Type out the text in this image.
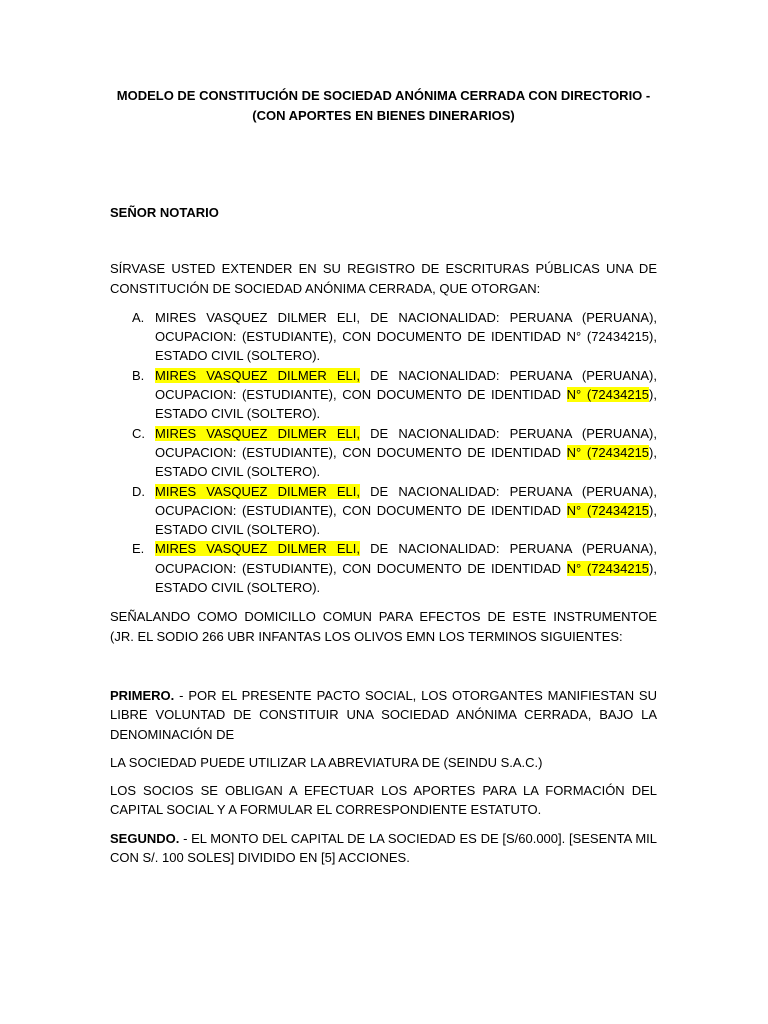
MODELO DE CONSTITUCIÓN DE SOCIEDAD ANÓNIMA CERRADA CON DIRECTORIO -
(CON APORTES EN BIENES DINERARIOS)

SEÑOR NOTARIO

SÍRVASE USTED EXTENDER EN SU REGISTRO DE ESCRITURAS PÚBLICAS UNA DE CONSTITUCIÓN DE SOCIEDAD ANÓNIMA CERRADA, QUE OTORGAN:

A. MIRES VASQUEZ DILMER ELI, DE NACIONALIDAD: PERUANA (PERUANA), OCUPACION: (ESTUDIANTE), CON DOCUMENTO DE IDENTIDAD N° (72434215), ESTADO CIVIL (SOLTERO).
B. MIRES VASQUEZ DILMER ELI, DE NACIONALIDAD: PERUANA (PERUANA), OCUPACION: (ESTUDIANTE), CON DOCUMENTO DE IDENTIDAD N° (72434215), ESTADO CIVIL (SOLTERO).
C. MIRES VASQUEZ DILMER ELI, DE NACIONALIDAD: PERUANA (PERUANA), OCUPACION: (ESTUDIANTE), CON DOCUMENTO DE IDENTIDAD N° (72434215), ESTADO CIVIL (SOLTERO).
D. MIRES VASQUEZ DILMER ELI, DE NACIONALIDAD: PERUANA (PERUANA), OCUPACION: (ESTUDIANTE), CON DOCUMENTO DE IDENTIDAD N° (72434215), ESTADO CIVIL (SOLTERO).
E. MIRES VASQUEZ DILMER ELI, DE NACIONALIDAD: PERUANA (PERUANA), OCUPACION: (ESTUDIANTE), CON DOCUMENTO DE IDENTIDAD N° (72434215), ESTADO CIVIL (SOLTERO).

SEÑALANDO COMO DOMICILLO COMUN PARA EFECTOS DE ESTE INSTRUMENTOE (JR. EL SODIO 266 UBR INFANTAS LOS OLIVOS EMN LOS TERMINOS SIGUIENTES:

PRIMERO. - POR EL PRESENTE PACTO SOCIAL, LOS OTORGANTES MANIFIESTAN SU LIBRE VOLUNTAD DE CONSTITUIR UNA SOCIEDAD ANÓNIMA CERRADA, BAJO LA DENOMINACIÓN DE

LA SOCIEDAD PUEDE UTILIZAR LA ABREVIATURA DE (SEINDU S.A.C.)

LOS SOCIOS SE OBLIGAN A EFECTUAR LOS APORTES PARA LA FORMACIÓN DEL CAPITAL SOCIAL Y A FORMULAR EL CORRESPONDIENTE ESTATUTO.

SEGUNDO. - EL MONTO DEL CAPITAL DE LA SOCIEDAD ES DE [S/60.000]. [SESENTA MIL CON S/. 100 SOLES] DIVIDIDO EN [5] ACCIONES.
